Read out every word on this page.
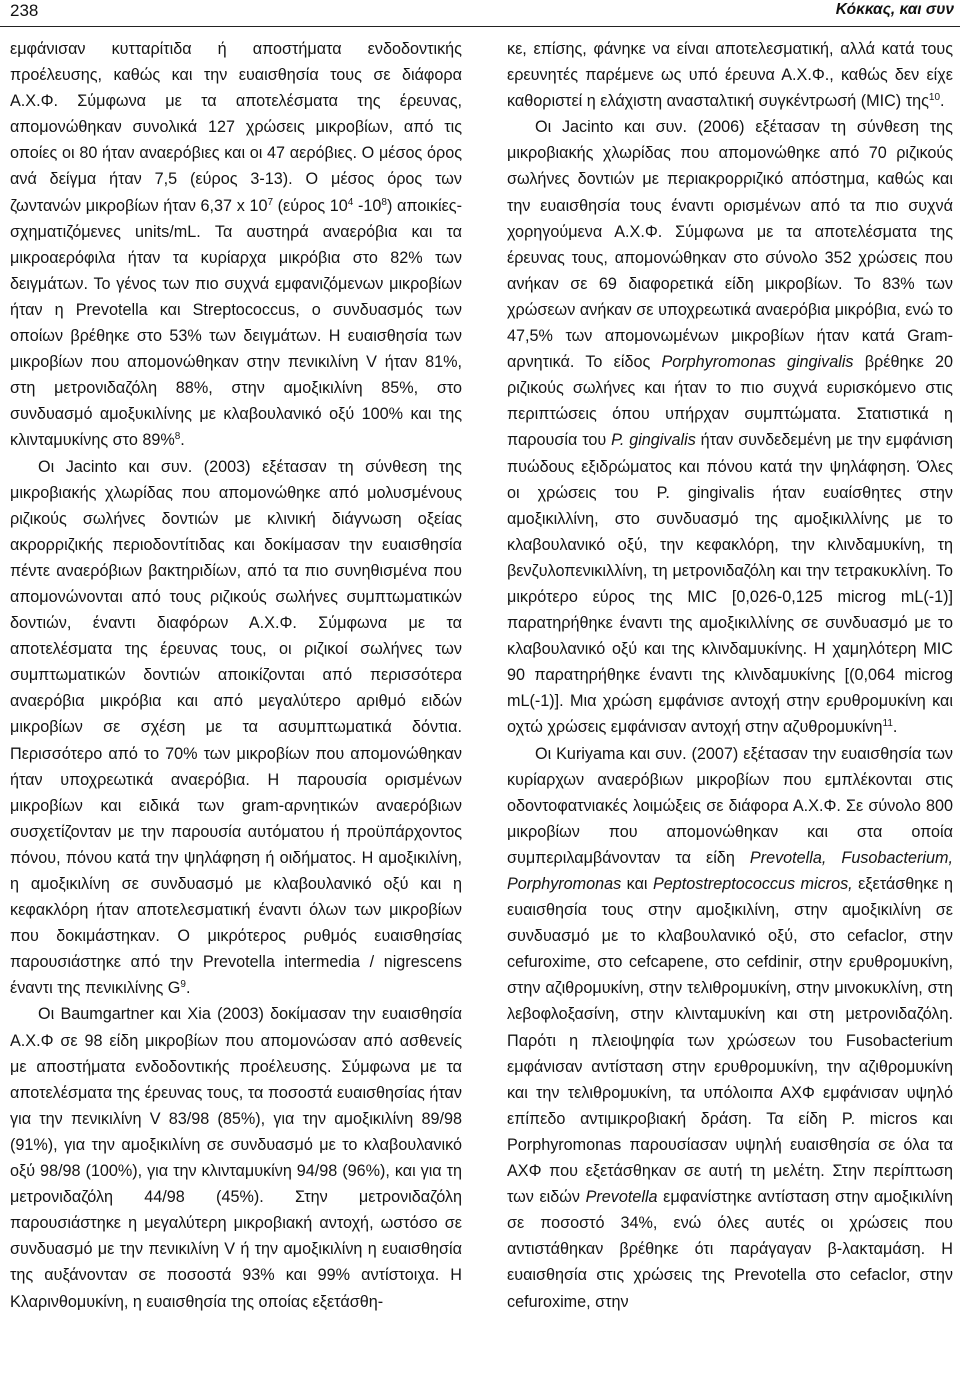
238	Κόκκας, και συν

εμφάνισαν κυτταρίτιδα ή αποστήματα ενδοδοντικής προέλευσης, καθώς και την ευαισθησία τους σε διάφορα Α.Χ.Φ. Σύμφωνα με τα αποτελέσματα της έρευνας, απομονώθηκαν συνολικά 127 χρώσεις μικροβίων, από τις οποίες οι 80 ήταν αναερόβιες και οι 47 αερόβιες. Ο μέσος όρος ανά δείγμα ήταν 7,5 (εύρος 3-13). Ο μέσος όρος των ζωντανών μικροβίων ήταν 6,37 x $10^7$ (εύρος $10^4$ $-10^8$) αποικίες-σχηματιζόμενες units/mL. Τα αυστηρά αναερόβια και τα μικροαερόφιλα ήταν τα κυρίαρχα μικρόβια στο 82% των δειγμάτων. Το γένος των πιο συχνά εμφανιζόμενων μικροβίων ήταν η Prevotella και Streptococcus, ο συνδυασμός των οποίων βρέθηκε στο 53% των δειγμάτων. Η ευαισθησία των μικροβίων που απομονώθηκαν στην πενικιλίνη V ήταν 81%, στη μετρονιδαζόλη 88%, στην αμοξικιλίνη 85%, στο συνδυασμό αμοξυκιλίνης με κλαβουλανικό οξύ 100% και της κλινταμυκίνης στο 89%$^8$.

Οι Jacinto και συν. (2003) εξέτασαν τη σύνθεση της μικροβιακής χλωρίδας που απομονώθηκε από μολυσμένους ριζικούς σωλήνες δοντιών με κλινική διάγνωση οξείας ακρορριζικής περιοδοντίτιδας και δοκίμασαν την ευαισθησία πέντε αναερόβιων βακτηριδίων, από τα πιο συνηθισμένα που απομονώνονται από τους ριζικούς σωλήνες συμπτωματικών δοντιών, έναντι διαφόρων Α.Χ.Φ. Σύμφωνα με τα αποτελέσματα της έρευνας τους, οι ριζικοί σωλήνες των συμπτωματικών δοντιών αποικίζονται από περισσότερα αναερόβια μικρόβια και από μεγαλύτερο αριθμό ειδών μικροβίων σε σχέση με τα ασυμπτωματικά δόντια. Περισσότερο από το 70% των μικροβίων που απομονώθηκαν ήταν υποχρεωτικά αναερόβια. Η παρουσία ορισμένων μικροβίων και ειδικά των gram-αρνητικών αναερόβιων συσχετίζονταν με την παρουσία αυτόματου ή προϋπάρχοντος πόνου, πόνου κατά την ψηλάφηση ή οιδήματος. Η αμοξικιλίνη, η αμοξικιλίνη σε συνδυασμό με κλαβουλανικό οξύ και η κεφακλόρη ήταν αποτελεσματική έναντι όλων των μικροβίων που δοκιμάστηκαν. Ο μικρότερος ρυθμός ευαισθησίας παρουσιάστηκε από την Prevotella intermedia / nigrescens έναντι της πενικιλίνης $G^9$.

Οι Baumgartner και Xia (2003) δοκίμασαν την ευαισθησία Α.Χ.Φ σε 98 είδη μικροβίων που απομονώσαν από ασθενείς με αποστήματα ενδοδοντικής προέλευσης. Σύμφωνα με τα αποτελέσματα της έρευνας τους, τα ποσοστά ευαισθησίας ήταν για την πενικιλίνη V 83/98 (85%), για την αμοξικιλίνη 89/98 (91%), για την αμοξικιλίνη σε συνδυασμό με το κλαβουλανικό οξύ 98/98 (100%), για την κλινταμυκίνη 94/98 (96%), και για τη μετρονιδαζόλη 44/98 (45%). Στην μετρονιδαζόλη παρουσιάστηκε η μεγαλύτερη μικροβιακή αντοχή, ωστόσο σε συνδυασμό με την πενικιλίνη V ή την αμοξικιλίνη η ευαισθησία της αυξάνονταν σε ποσοστά 93% και 99% αντίστοιχα. Η Κλαρινθομυκίνη, η ευαισθησία της οποίας εξετάσθη-

κε, επίσης, φάνηκε να είναι αποτελεσματική, αλλά κατά τους ερευνητές παρέμενε ως υπό έρευνα Α.Χ.Φ., καθώς δεν είχε καθοριστεί η ελάχιστη ανασταλτική συγκέντρωσή (MIC) της$^{10}$.

Οι Jacinto και συν. (2006) εξέτασαν τη σύνθεση της μικροβιακής χλωρίδας που απομονώθηκε από 70 ριζικούς σωλήνες δοντιών με περιακρορριζικό απόστημα, καθώς και την ευαισθησία τους έναντι ορισμένων από τα πιο συχνά χορηγούμενα Α.Χ.Φ. Σύμφωνα με τα αποτελέσματα της έρευνας τους, απομονώθηκαν στο σύνολο 352 χρώσεις που ανήκαν σε 69 διαφορετικά είδη μικροβίων. Το 83% των χρώσεων ανήκαν σε υποχρεωτικά αναερόβια μικρόβια, ενώ το 47,5% των απομονωμένων μικροβίων ήταν κατά Gram-αρνητικά. Το είδος Porphyromonas gingivalis βρέθηκε 20 ριζικούς σωλήνες και ήταν το πιο συχνά ευρισκόμενο στις περιπτώσεις όπου υπήρχαν συμπτώματα. Στατιστικά η παρουσία του P. gingivalis ήταν συνδεδεμένη με την εμφάνιση πυώδους εξιδρώματος και πόνου κατά την ψηλάφηση. Όλες οι χρώσεις του P. gingivalis ήταν ευαίσθητες στην αμοξικιλλίνη, στο συνδυασμό της αμοξικιλλίνης με το κλαβουλανικό οξύ, την κεφακλόρη, την κλινδαμυκίνη, τη βενζυλοπενικιλλίνη, τη μετρονιδαζόλη και την τετρακυκλίνη. Το μικρότερο εύρος της MIC [0,026-0,125 microg mL(-1)] παρατηρήθηκε έναντι της αμοξικιλλίνης σε συνδυασμό με το κλαβουλανικό οξύ και της κλινδαμυκίνης. Η χαμηλότερη MIC 90 παρατηρήθηκε έναντι της κλινδαμυκίνης [(0,064 microg mL(-1)]. Μια χρώση εμφάνισε αντοχή στην ερυθρομυκίνη και οχτώ χρώσεις εμφάνισαν αντοχή στην αζυθρομυκίνη$^{11}$.

Οι Kuriyama και συν. (2007) εξέτασαν την ευαισθησία των κυρίαρχων αναερόβιων μικροβίων που εμπλέκονται στις οδοντοφατνιακές λοιμώξεις σε διάφορα Α.Χ.Φ. Σε σύνολο 800 μικροβίων που απομονώθηκαν και στα οποία συμπεριλαμβάνονταν τα είδη Prevotella, Fusobacterium, Porphyromonas και Peptostreptococcus micros, εξετάσθηκε η ευαισθησία τους στην αμοξικιλίνη, στην αμοξικιλίνη σε συνδυασμό με το κλαβουλανικό οξύ, στο cefaclor, στην cefuroxime, στο cefcapene, στο cefdinir, στην ερυθρομυκίνη, στην αζιθρομυκίνη, στην τελιθρομυκίνη, στην μινοκυκλίνη, στη λεβοφλοξασίνη, στην κλινταμυκίνη και στη μετρονιδαζόλη. Παρότι η πλειοψηφία των χρώσεων του Fusobacterium εμφάνισαν αντίσταση στην ερυθρομυκίνη, την αζιθρομυκίνη και την τελιθρομυκίνη, τα υπόλοιπα ΑΧΦ εμφάνισαν υψηλό επίπεδο αντιμικροβιακή δράση. Τα είδη P. micros και Porphyromonas παρουσίασαν υψηλή ευαισθησία σε όλα τα ΑΧΦ που εξετάσθηκαν σε αυτή τη μελέτη. Στην περίπτωση των ειδών Prevotella εμφανίστηκε αντίσταση στην αμοξικιλίνη σε ποσοστό 34%, ενώ όλες αυτές οι χρώσεις που αντιστάθηκαν βρέθηκε ότι παράγαγαν β-λακταμάση. Η ευαισθησία στις χρώσεις της Prevotella στο cefaclor, στην cefuroxime, στην
